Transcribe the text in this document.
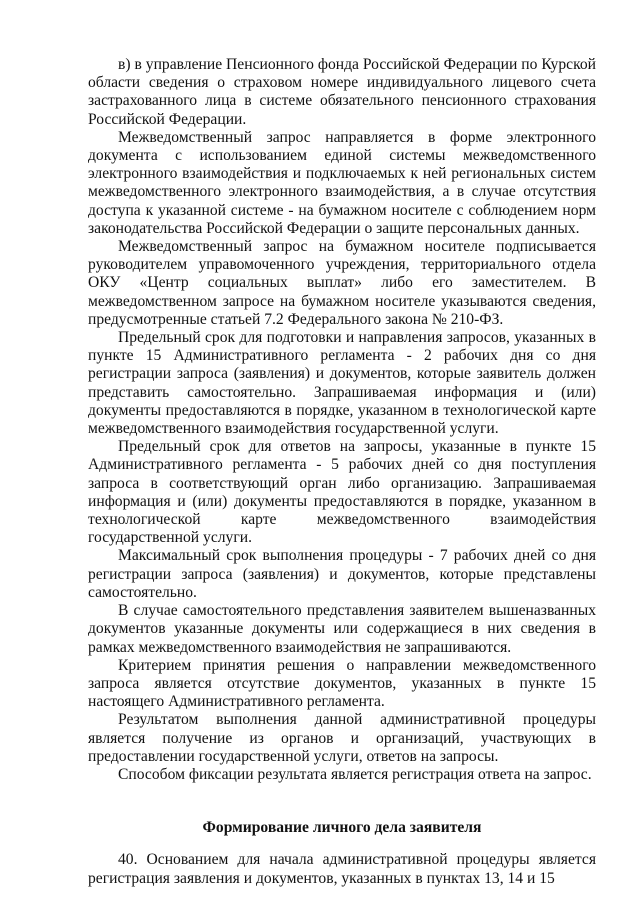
в) в управление Пенсионного фонда Российской Федерации по Курской области сведения о страховом номере индивидуального лицевого счета застрахованного лица в системе обязательного пенсионного страхования Российской Федерации.

Межведомственный запрос направляется в форме электронного документа с использованием единой системы межведомственного электронного взаимодействия и подключаемых к ней региональных систем межведомственного электронного взаимодействия, а в случае отсутствия доступа к указанной системе - на бумажном носителе с соблюдением норм законодательства Российской Федерации о защите персональных данных.

Межведомственный запрос на бумажном носителе подписывается руководителем управомоченного учреждения, территориального отдела ОКУ «Центр социальных выплат» либо его заместителем. В межведомственном запросе на бумажном носителе указываются сведения, предусмотренные статьей 7.2 Федерального закона № 210-ФЗ.

Предельный срок для подготовки и направления запросов, указанных в пункте 15 Административного регламента - 2 рабочих дня со дня регистрации запроса (заявления) и документов, которые заявитель должен представить самостоятельно. Запрашиваемая информация и (или) документы предоставляются в порядке, указанном в технологической карте межведомственного взаимодействия государственной услуги.

Предельный срок для ответов на запросы, указанные в пункте 15 Административного регламента - 5 рабочих дней со дня поступления запроса в соответствующий орган либо организацию. Запрашиваемая информация и (или) документы предоставляются в порядке, указанном в технологической карте межведомственного взаимодействия государственной услуги.

Максимальный срок выполнения процедуры - 7 рабочих дней со дня регистрации запроса (заявления) и документов, которые представлены самостоятельно.

В случае самостоятельного представления заявителем вышеназванных документов указанные документы или содержащиеся в них сведения в рамках межведомственного взаимодействия не запрашиваются.

Критерием принятия решения о направлении межведомственного запроса является отсутствие документов, указанных в пункте 15 настоящего Административного регламента.

Результатом выполнения данной административной процедуры является получение из органов и организаций, участвующих в предоставлении государственной услуги, ответов на запросы.

Способом фиксации результата является регистрация ответа на запрос.

Формирование личного дела заявителя

40. Основанием для начала административной процедуры является регистрация заявления и документов, указанных в пунктах 13, 14 и 15
